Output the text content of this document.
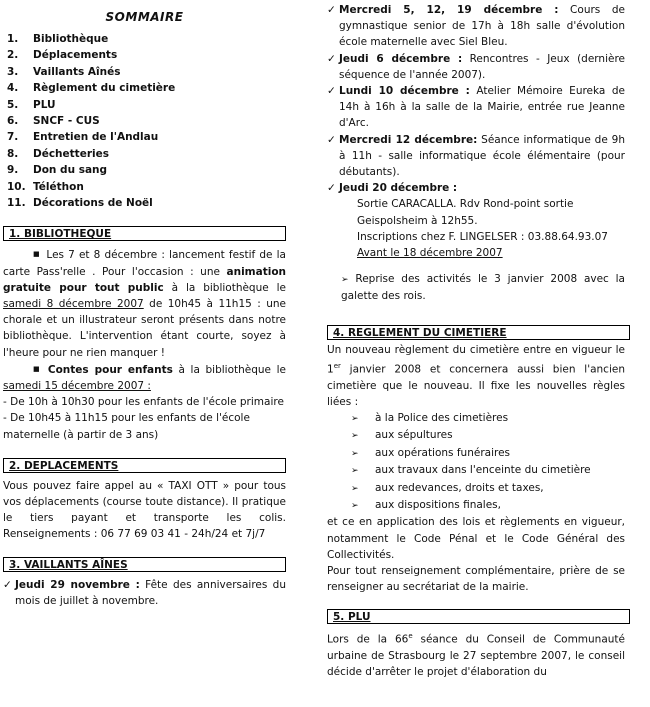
SOMMAIRE
1. Bibliothèque
2. Déplacements
3. Vaillants Aînés
4. Règlement du cimetière
5. PLU
6. SNCF - CUS
7. Entretien de l'Andlau
8. Déchetteries
9. Don du sang
10. Téléthon
11. Décorations de Noël
1. BIBLIOTHEQUE

■ Les 7 et 8 décembre : lancement festif de la carte Pass'relle . Pour l'occasion : une animation gratuite pour tout public à la bibliothèque le samedi 8 décembre 2007 de 10h45 à 11h15 : une chorale et un illustrateur seront présents dans notre bibliothèque. L'intervention étant courte, soyez à l'heure pour ne rien manquer !

■ Contes pour enfants à la bibliothèque le samedi 15 décembre 2007 :

- De 10h à 10h30 pour les enfants de l'école primaire

- De 10h45 à 11h15 pour les enfants de l'école maternelle (à partir de 3 ans)

2. DEPLACEMENTS
Vous pouvez faire appel au « TAXI OTT » pour tous vos déplacements (course toute distance). Il pratique le tiers payant et transporte les colis. Renseignements : 06 77 69 03 41 - 24h/24 et 7j/7
3. VAILLANTS AÎNES
✓ Jeudi 29 novembre : Fête des anniversaires du mois de juillet à novembre.
✓ Mercredi 5, 12, 19 décembre : Cours de gymnastique senior de 17h à 18h salle d'évolution école maternelle avec Siel Bleu.
✓ Jeudi 6 décembre : Rencontres - Jeux (dernière séquence de l'année 2007).
✓ Lundi 10 décembre : Atelier Mémoire Eureka de 14h à 16h à la salle de la Mairie, entrée rue Jeanne d'Arc.
✓ Mercredi 12 décembre: Séance informatique de 9h à 11h - salle informatique école élémentaire (pour débutants).
✓ Jeudi 20 décembre :
Sortie CARACALLA. Rdv Rond-point sortie
Geispolsheim à 12h55.
Inscriptions chez F. LINGELSER : 03.88.64.93.07
Avant le 18 décembre 2007
➢ Reprise des activités le 3 janvier 2008 avec la galette des rois.
4. REGLEMENT DU CIMETIERE

Un nouveau règlement du cimetière entre en vigueur le 1er janvier 2008 et concernera aussi bien l'ancien cimetière que le nouveau. Il fixe les nouvelles règles liées :

➢ à la Police des cimetières
➢ aux sépultures
➢ aux opérations funéraires
➢ aux travaux dans l'enceinte du cimetière
➢ aux redevances, droits et taxes,
➢ aux dispositions finales,

et ce en application des lois et règlements en vigueur, notamment le Code Pénal et le Code Général des Collectivités.

Pour tout renseignement complémentaire, prière de se renseigner au secrétariat de la mairie.

5. PLU

Lors de la 66e séance du Conseil de Communauté urbaine de Strasbourg le 27 septembre 2007, le conseil décide d'arrêter le projet d'élaboration du
